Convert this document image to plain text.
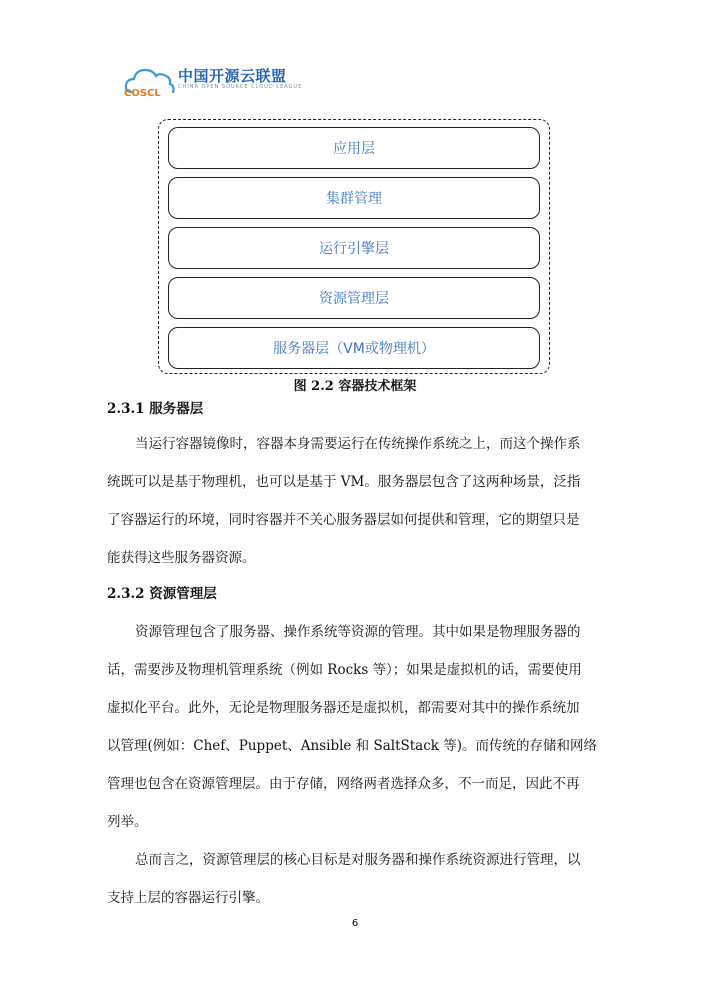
COSCL
中国开源云联盟
CHINA OPEN SOURCE CLOUD LEAGUE
应用层
集群管理
运行引擎层
资源管理层
服务器层（VM或物理机）
图 2.2 容器技术框架
2.3.1 服务器层
当运行容器镜像时，容器本身需要运行在传统操作系统之上，而这个操作系
统既可以是基于物理机，也可以是基于 VM。服务器层包含了这两种场景，泛指
了容器运行的环境，同时容器并不关心服务器层如何提供和管理，它的期望只是
能获得这些服务器资源。
2.3.2 资源管理层
资源管理包含了服务器、操作系统等资源的管理。其中如果是物理服务器的
话，需要涉及物理机管理系统（例如 Rocks 等）；如果是虚拟机的话，需要使用
虚拟化平台。此外，无论是物理服务器还是虚拟机，都需要对其中的操作系统加
以管理(例如：Chef、Puppet、Ansible 和 SaltStack 等)。而传统的存储和网络
管理也包含在资源管理层。由于存储，网络两者选择众多，不一而足，因此不再
列举。
总而言之，资源管理层的核心目标是对服务器和操作系统资源进行管理，以
支持上层的容器运行引擎。
6
